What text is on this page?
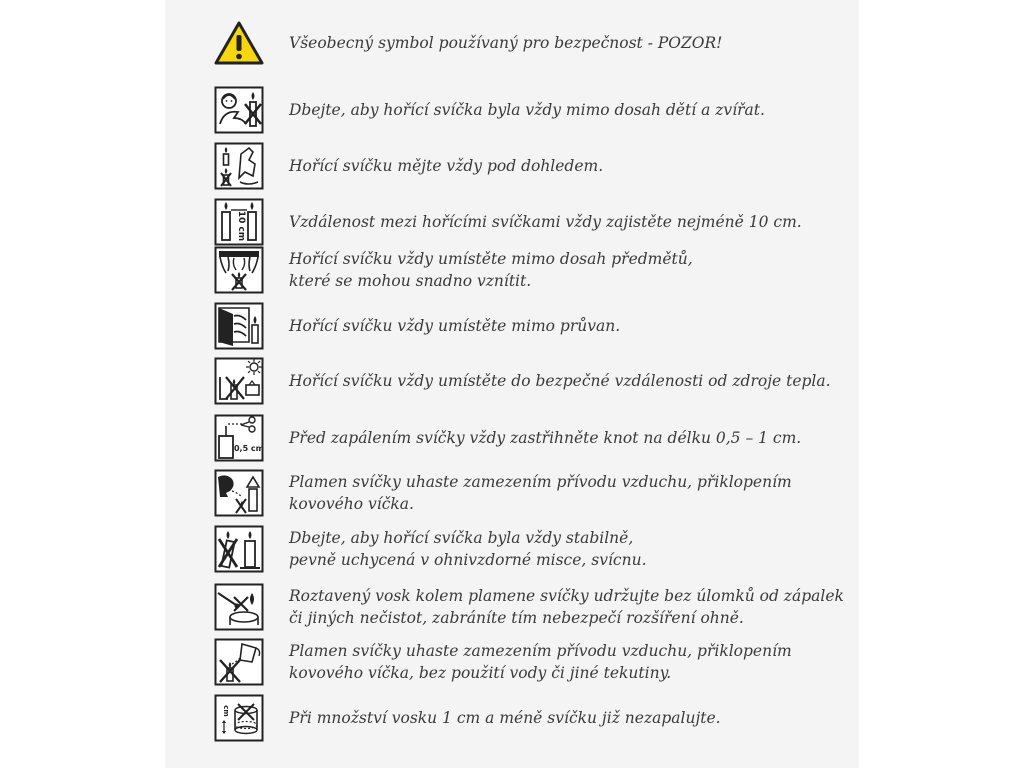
Všeobecný symbol používaný pro bezpečnost - POZOR!
Dbejte, aby hořící svíčka byla vždy mimo dosah dětí a zvířat.
Hořící svíčku mějte vždy pod dohledem.
10 cm	Vzdálenost mezi hořícími svíčkami vždy zajistěte nejméně 10 cm.
Hořící svíčku vždy umístěte mimo dosah předmětů,
které se mohou snadno vznítit.
Hořící svíčku vždy umístěte mimo průvan.
Hořící svíčku vždy umístěte do bezpečné vzdálenosti od zdroje tepla.
0,5 cm
Před zapálením svíčky vždy zastřihněte knot na délku 0,5 – 1 cm.
Plamen svíčky uhaste zamezením přívodu vzduchu, přiklopením
kovového víčka.
Dbejte, aby hořící svíčka byla vždy stabilně,
pevně uchycená v ohnivzdorné misce, svícnu.
Roztavený vosk kolem plamene svíčky udržujte bez úlomků od zápalek
či jiných nečistot, zabráníte tím nebezpečí rozšíření ohně.
Plamen svíčky uhaste zamezením přívodu vzduchu, přiklopením
kovového víčka, bez použití vody či jiné tekutiny.
cm	Při množství vosku 1 cm a méně svíčku již nezapalujte.
